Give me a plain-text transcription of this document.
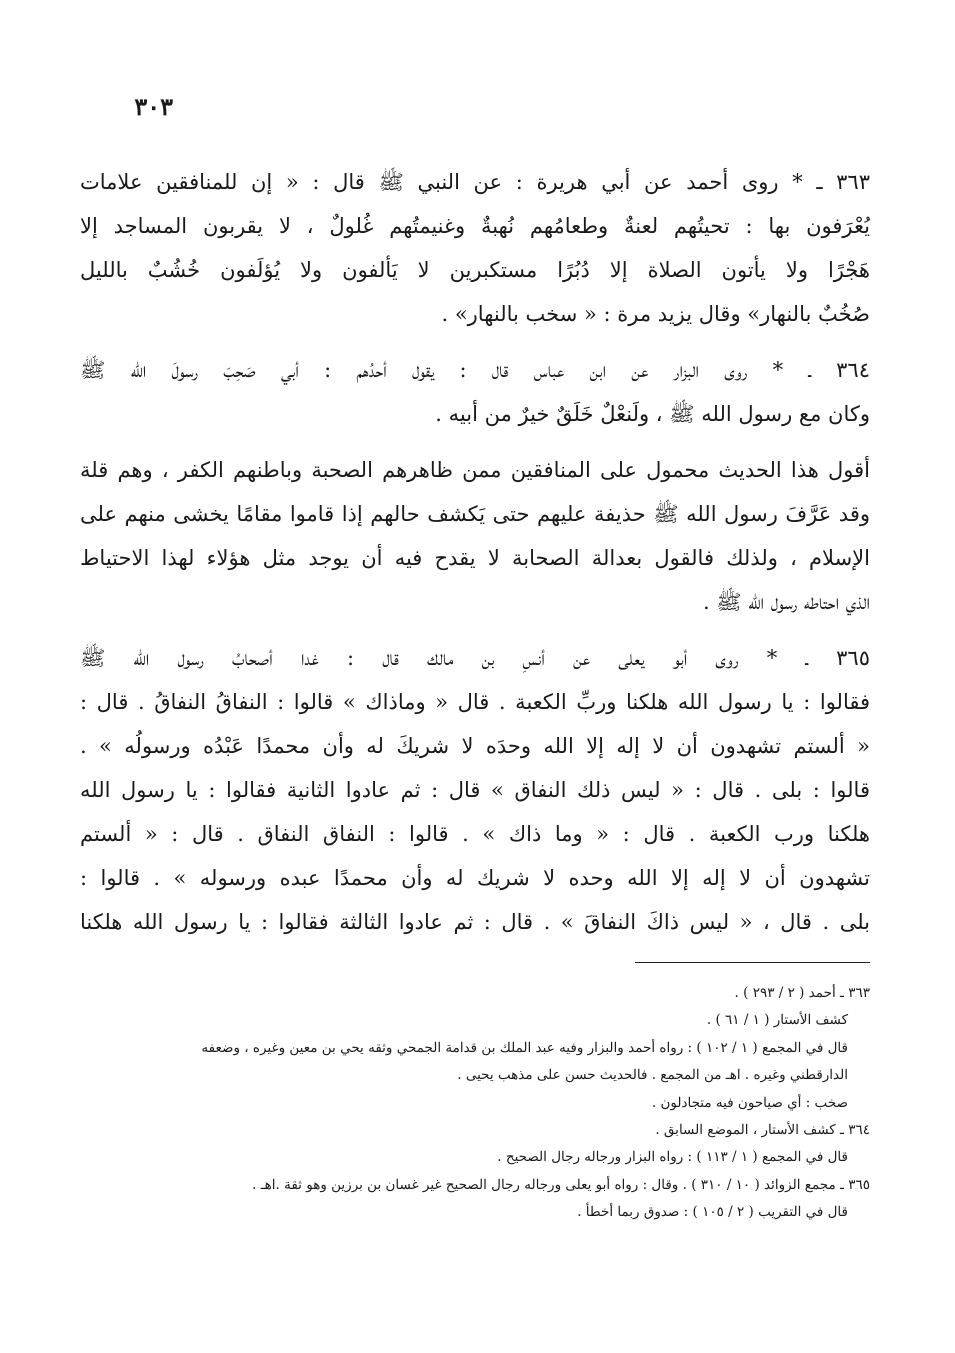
٣٠٣
٣٦٣ ـ * روى أحمد عن أبي هريرة : عن النبي ﷺ قال : « إن للمنافقين علامات
يُعْرَفون بها : تحيتُهم لعنةٌ وطعامُهم نُهبةٌ وغنيمتُهم غُلولٌ ، لا يقربون المساجد إلا
هَجْرًا ولا يأتون الصلاة إلا دُبُرًا مستكبرين لا يَألفون ولا يُؤلَفون خُشُبٌ بالليل
صُخُبٌ بالنهار» وقال يزيد مرة : « سخب بالنهار» .
٣٦٤ ـ * روى البزار عن ابن عباس قال : يقول أحدُهم : أبي صَحِبَ رسولَ الله ﷺ
وكان مع رسول الله ﷺ ، ولَنعْلٌ خَلَقٌ خيرٌ من أبيه .
أقول هذا الحديث محمول على المنافقين ممن ظاهرهم الصحبة وباطنهم الكفر ، وهم قلة
وقد عَرَّفَ رسول الله ﷺ حذيفة عليهم حتى يَكشف حالهم إذا قاموا مقامًا يخشى منهم على
الإسلام ، ولذلك فالقول بعدالة الصحابة لا يقدح فيه أن يوجد مثل هؤلاء لهذا الاحتياط
الذي احتاطه رسول الله ﷺ .
٣٦٥ ـ * روى أبو يعلى عن أنسِ بن مالك قال : غدا أصحابُ رسول الله ﷺ
فقالوا : يا رسول الله هلكنا وربِّ الكعبة . قال « وماذاك » قالوا : النفاقُ النفاقُ . قال :
« ألستم تشهدون أن لا إله إلا الله وحدَه لا شريكَ له وأن محمدًا عَبْدُه ورسولُه » .
قالوا : بلى . قال : « ليس ذلك النفاق » قال : ثم عادوا الثانية فقالوا : يا رسول الله
هلكنا ورب الكعبة . قال : « وما ذاك » . قالوا : النفاق النفاق . قال : « ألستم
تشهدون أن لا إله إلا الله وحده لا شريك له وأن محمدًا عبده ورسوله » . قالوا :
بلى . قال ، « ليس ذاكَ النفاقَ » . قال : ثم عادوا الثالثة فقالوا : يا رسول الله هلكنا
٣٦٣ ـ أحمد ( ٢ / ٢٩٣ ) .
كشف الأستار ( ١ / ٦١ ) .
قال في المجمع ( ١ / ١٠٢ ) : رواه أحمد والبزار وفيه عبد الملك بن قدامة الجمحي وثقه يحي بن معين وغيره ، وضعفه
الدارقطني وغيره . اهـ من المجمع . فالحديث حسن على مذهب يحيى .
صخب : أي صياحون فيه متجادلون .
٣٦٤ ـ كشف الأستار ، الموضع السابق .
قال في المجمع ( ١ / ١١٣ ) : رواه البزار ورجاله رجال الصحيح .
٣٦٥ ـ مجمع الزوائد ( ١٠ / ٣١٠ ) . وقال : رواه أبو يعلى ورجاله رجال الصحيح غير غسان بن برزين وهو ثقة .اهـ .
قال في التقريب ( ٢ / ١٠٥ ) : صدوق ربما أخطأ .
